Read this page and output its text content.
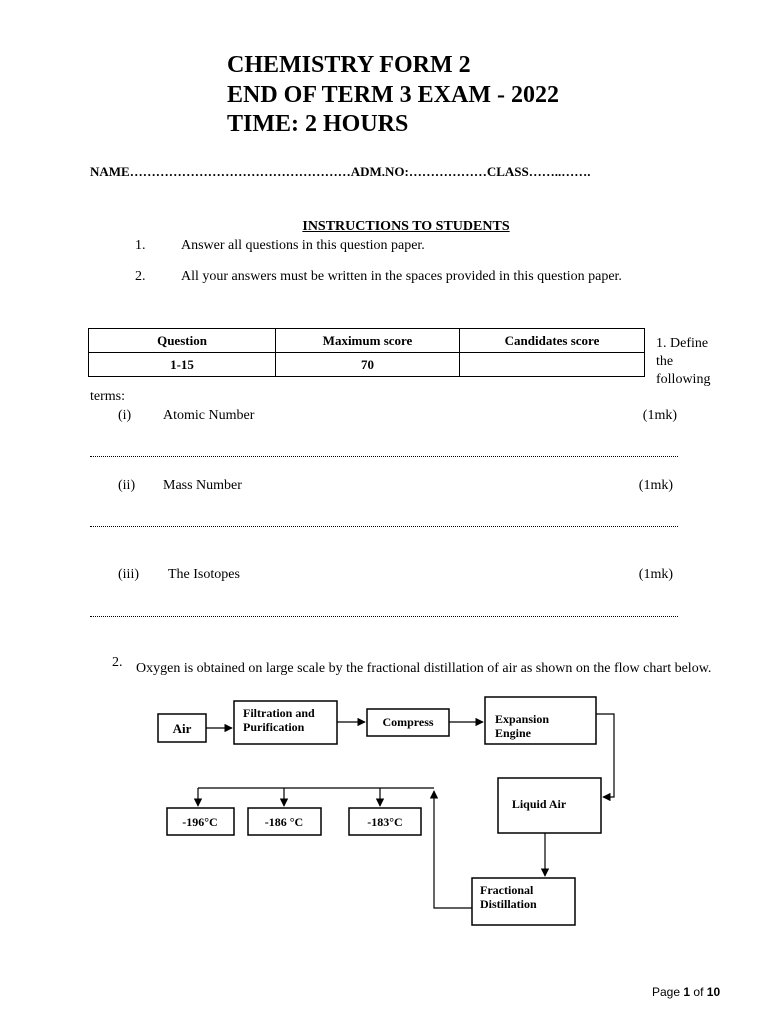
CHEMISTRY FORM 2
END OF TERM 3 EXAM - 2022
TIME: 2 HOURS
NAME……………………………………………ADM.NO:………………CLASS……..…….
INSTRUCTIONS TO STUDENTS
1.	Answer all questions in this question paper.
2.	All your answers must be written in the spaces provided in this question paper.
Question	Maximum score	Candidates score
1-15	70	
1. Define the following
terms:
(i) Atomic Number	(1mk)
(ii) Mass Number	(1mk)
(iii) The Isotopes	(1mk)
2. Oxygen is obtained on large scale by the fractional distillation of air as shown on the flow chart below.
Air
Filtration and
Purification	Compress	Expansion
Engine
Liquid Air
Fractional
Distillation
-196°C	-186 °C	-183°C
Page 1 of 10
